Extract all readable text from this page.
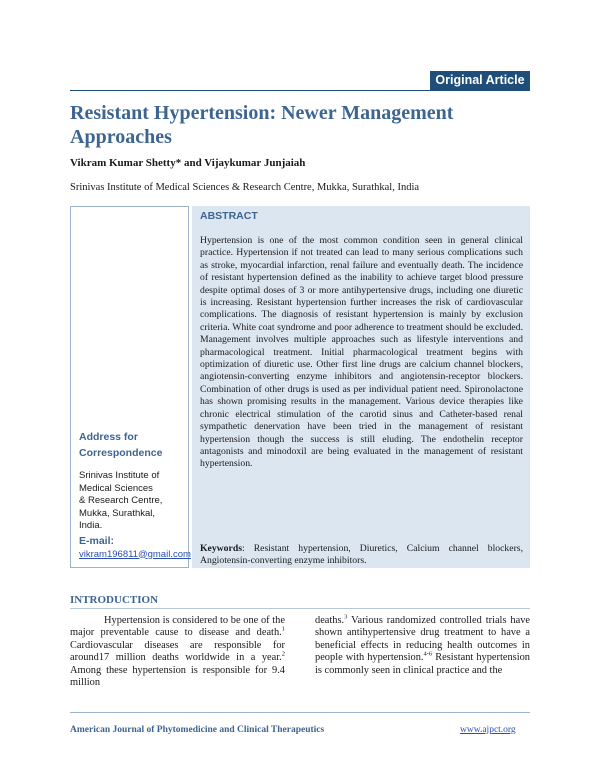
Original Article
Resistant Hypertension: Newer Management Approaches
Vikram Kumar Shetty* and Vijaykumar Junjaiah
Srinivas Institute of Medical Sciences & Research Centre, Mukka, Surathkal, India
Address for Correspondence
Srinivas Institute of
Medical Sciences
& Research Centre,
Mukka, Surathkal,
India.
E-mail: vikram196811@gmail.com
ABSTRACT

Hypertension is one of the most common condition seen in general clinical practice. Hypertension if not treated can lead to many serious complications such as stroke, myocardial infarction, renal failure and eventually death. The incidence of resistant hypertension defined as the inability to achieve target blood pressure despite optimal doses of 3 or more antihypertensive drugs, including one diuretic is increasing. Resistant hypertension further increases the risk of cardiovascular complications. The diagnosis of resistant hypertension is mainly by exclusion criteria. White coat syndrome and poor adherence to treatment should be excluded. Management involves multiple approaches such as lifestyle interventions and pharmacological treatment. Initial pharmacological treatment begins with optimization of diuretic use. Other first line drugs are calcium channel blockers, angiotensin-converting enzyme inhibitors and angiotensin-receptor blockers. Combination of other drugs is used as per individual patient need. Spironolactone has shown promising results in the management. Various device therapies like chronic electrical stimulation of the carotid sinus and Catheter-based renal sympathetic denervation have been tried in the management of resistant hypertension though the success is still eluding. The endothelin receptor antagonists and minodoxil are being evaluated in the management of resistant hypertension.

Keywords: Resistant hypertension, Diuretics, Calcium channel blockers, Angiotensin-converting enzyme inhibitors.

INTRODUCTION

Hypertension is considered to be one of the major preventable cause to disease and death.$^1$ Cardiovascular diseases are responsible for around17 million deaths worldwide in a year.$^2$ Among these hypertension is responsible for 9.4 million

deaths.$^3$ Various randomized controlled trials have shown antihypertensive drug treatment to have a beneficial effects in reducing health outcomes in people with hypertension.$^{4-6}$ Resistant hypertension is commonly seen in clinical practice and the

American Journal of Phytomedicine and Clinical Therapeutics	www.ajpct.org
